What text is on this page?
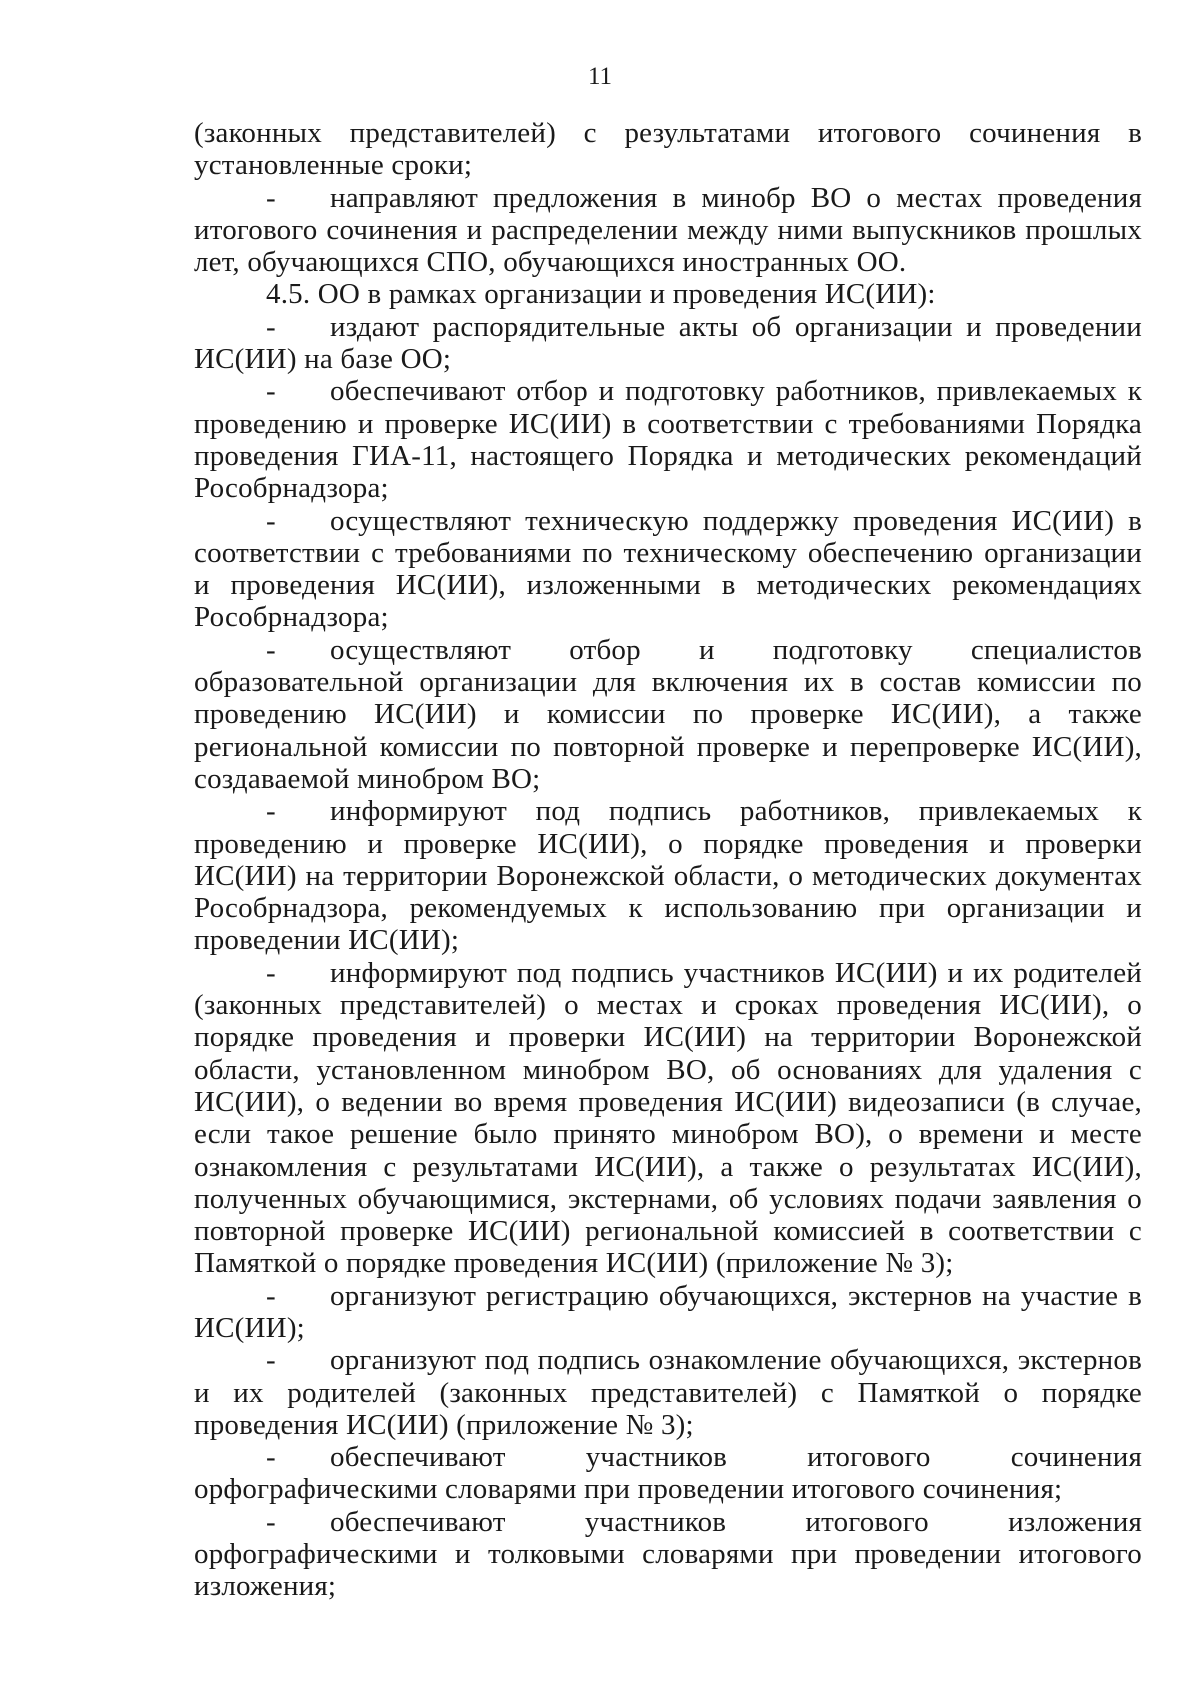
11

(законных представителей) с результатами итогового сочинения в установленные сроки;

- направляют предложения в минобр ВО о местах проведения итогового сочинения и распределении между ними выпускников прошлых лет, обучающихся СПО, обучающихся иностранных ОО.

4.5. ОО в рамках организации и проведения ИС(ИИ):

- издают распорядительные акты об организации и проведении ИС(ИИ) на базе ОО;

- обеспечивают отбор и подготовку работников, привлекаемых к проведению и проверке ИС(ИИ) в соответствии с требованиями Порядка проведения ГИА-11, настоящего Порядка и методических рекомендаций Рособрнадзора;

- осуществляют техническую поддержку проведения ИС(ИИ) в соответствии с требованиями по техническому обеспечению организации и проведения ИС(ИИ), изложенными в методических рекомендациях Рособрнадзора;

- осуществляют отбор и подготовку специалистов образовательной организации для включения их в состав комиссии по проведению ИС(ИИ) и комиссии по проверке ИС(ИИ), а также региональной комиссии по повторной проверке и перепроверке ИС(ИИ), создаваемой минобром ВО;

- информируют под подпись работников, привлекаемых к проведению и проверке ИС(ИИ), о порядке проведения и проверки ИС(ИИ) на территории Воронежской области, о методических документах Рособрнадзора, рекомендуемых к использованию при организации и проведении ИС(ИИ);

- информируют под подпись участников ИС(ИИ) и их родителей (законных представителей) о местах и сроках проведения ИС(ИИ), о порядке проведения и проверки ИС(ИИ) на территории Воронежской области, установленном минобром ВО, об основаниях для удаления с ИС(ИИ), о ведении во время проведения ИС(ИИ) видеозаписи (в случае, если такое решение было принято минобром ВО), о времени и месте ознакомления с результатами ИС(ИИ), а также о результатах ИС(ИИ), полученных обучающимися, экстернами, об условиях подачи заявления о повторной проверке ИС(ИИ) региональной комиссией в соответствии с Памяткой о порядке проведения ИС(ИИ) (приложение № 3);

- организуют регистрацию обучающихся, экстернов на участие в ИС(ИИ);

- организуют под подпись ознакомление обучающихся, экстернов и их родителей (законных представителей) с Памяткой о порядке проведения ИС(ИИ) (приложение № 3);

- обеспечивают участников итогового сочинения орфографическими словарями при проведении итогового сочинения;

- обеспечивают участников итогового изложения орфографическими и толковыми словарями при проведении итогового изложения;
